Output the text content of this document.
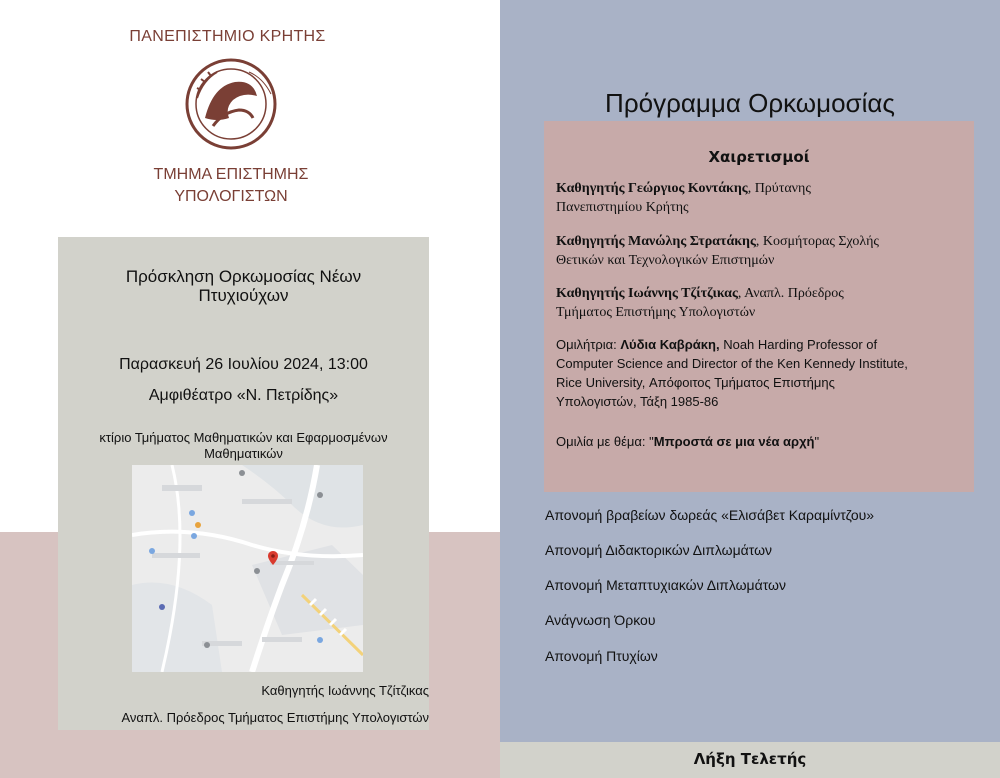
ΠΑΝΕΠΙΣΤΗΜΙΟ ΚΡΗΤΗΣ
ΤΜΗΜΑ ΕΠΙΣΤΗΜΗΣ
ΥΠΟΛΟΓΙΣΤΩΝ
Πρόσκληση Ορκωμοσίας Νέων
Πτυχιούχων
Παρασκευή 26 Ιουλίου 2024, 13:00
Αμφιθέατρο «Ν. Πετρίδης»
κτίριο Τμήματος Μαθηματικών και Εφαρμοσμένων
Μαθηματικών
Καθηγητής Ιωάννης Τζίτζικας
Αναπλ. Πρόεδρος Τμήματος Επιστήμης Υπολογιστών
Πρόγραμμα Ορκωμοσίας
Χαιρετισμοί
Καθηγητής Γεώργιος Κοντάκης, Πρύτανης
Πανεπιστημίου Κρήτης
Καθηγητής Μανώλης Στρατάκης, Κοσμήτορας Σχολής
Θετικών και Τεχνολογικών Επιστημών
Καθηγητής Ιωάννης Τζίτζικας, Αναπλ. Πρόεδρος
Τμήματος Επιστήμης Υπολογιστών
Ομιλήτρια: Λύδια Καβράκη, Noah Harding Professor of
Computer Science and Director of the Ken Kennedy Institute,
Rice University, Απόφοιτος Τμήματος Επιστήμης
Υπολογιστών, Τάξη 1985-86
Ομιλία με θέμα: "Μπροστά σε μια νέα αρχή"
Απονομή βραβείων δωρεάς «Ελισάβετ Καραμίντζου»
Απονομή Διδακτορικών Διπλωμάτων
Απονομή Μεταπτυχιακών Διπλωμάτων
Ανάγνωση Όρκου
Απονομή Πτυχίων
Λήξη Τελετής
